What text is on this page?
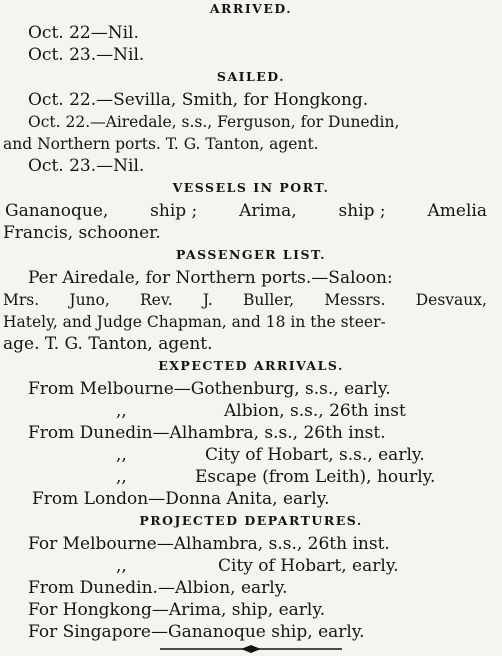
ARRIVED.
Oct. 22—Nil.
Oct. 23.—Nil.
SAILED.
Oct. 22.—Sevilla, Smith, for Hongkong.
Oct. 22.—Airedale, s.s., Ferguson, for Dunedin,
and Northern ports. T. G. Tanton, agent.
Oct. 23.—Nil.
VESSELS IN PORT.
Gananoque, ship ; Arima, ship ; Amelia
Francis, schooner.
PASSENGER LIST.
Per Airedale, for Northern ports.—Saloon:
Mrs. Juno, Rev. J. Buller, Messrs. Desvaux,
Hately, and Judge Chapman, and 18 in the steer-
age. T. G. Tanton, agent.
EXPECTED ARRIVALS.
From Melbourne—Gothenburg, s.s., early.
,,	Albion, s.s., 26th inst
From Dunedin—Alhambra, s.s., 26th inst.
,,	City of Hobart, s.s., early.
,,	Escape (from Leith), hourly.
From London—Donna Anita, early.
PROJECTED DEPARTURES.
For Melbourne—Alhambra, s.s., 26th inst.
,,	City of Hobart, early.
From Dunedin.—Albion, early.
For Hongkong—Arima, ship, early.
For Singapore—Gananoque ship, early.
